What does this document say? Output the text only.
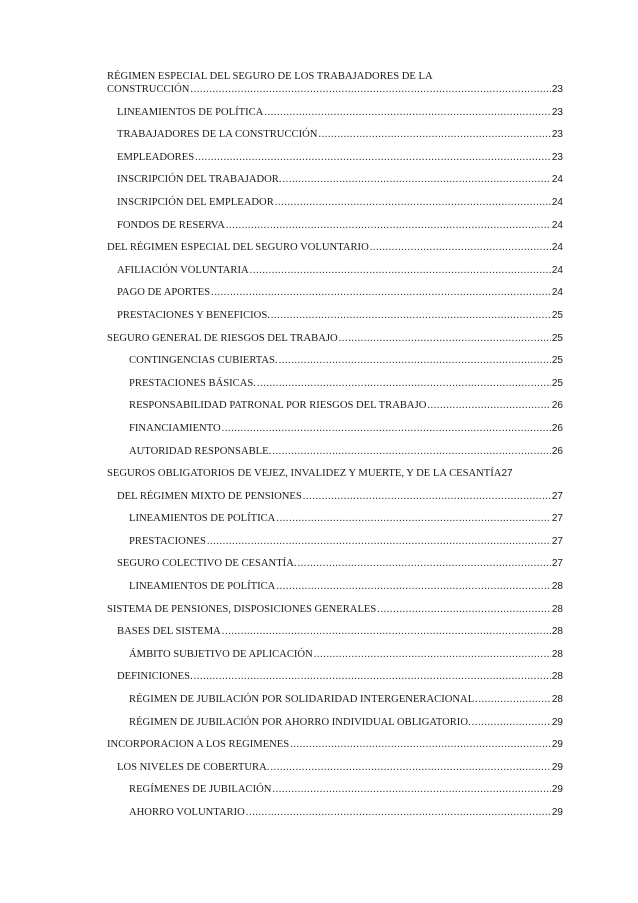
RÉGIMEN ESPECIAL DEL SEGURO DE LOS TRABAJADORES DE LA
CONSTRUCCIÓN .....	23
LINEAMIENTOS DE POLÍTICA .....	23
TRABAJADORES DE LA CONSTRUCCIÓN .....	23
EMPLEADORES .....	23
INSCRIPCIÓN DEL TRABAJADOR. .....	24
INSCRIPCIÓN DEL EMPLEADOR .....	24
FONDOS DE RESERVA .....	24
DEL RÉGIMEN ESPECIAL DEL SEGURO VOLUNTARIO .....	24
AFILIACIÓN VOLUNTARIA .....	24
PAGO DE APORTES .....	24
PRESTACIONES Y BENEFICIOS. .....	25
SEGURO GENERAL DE RIESGOS DEL TRABAJO .....	25
CONTINGENCIAS CUBIERTAS. .....	25
PRESTACIONES BÁSICAS. .....	25
RESPONSABILIDAD PATRONAL POR RIESGOS DEL TRABAJO .....	26
FINANCIAMIENTO .....	26
AUTORIDAD RESPONSABLE. .....	26
SEGUROS OBLIGATORIOS DE VEJEZ, INVALIDEZ Y MUERTE, Y DE LA CESANTÍA 27
DEL RÉGIMEN MIXTO DE PENSIONES .....	27
LINEAMIENTOS DE POLÍTICA .....	27
PRESTACIONES .....	27
SEGURO COLECTIVO DE CESANTÍA. .....	27
LINEAMIENTOS DE POLÍTICA .....	28
SISTEMA DE PENSIONES, DISPOSICIONES GENERALES .....	28
BASES DEL SISTEMA .....	28
ÁMBITO SUBJETIVO DE APLICACIÓN .....	28
DEFINICIONES. .....	28
RÉGIMEN DE JUBILACIÓN POR SOLIDARIDAD INTERGENERACIONAL .....	28
RÉGIMEN DE JUBILACIÓN POR AHORRO INDIVIDUAL OBLIGATORIO. .....	29
INCORPORACION A LOS REGIMENES .....	29
LOS NIVELES DE COBERTURA. .....	29
REGÍMENES DE JUBILACIÓN .....	29
AHORRO VOLUNTARIO .....	29
